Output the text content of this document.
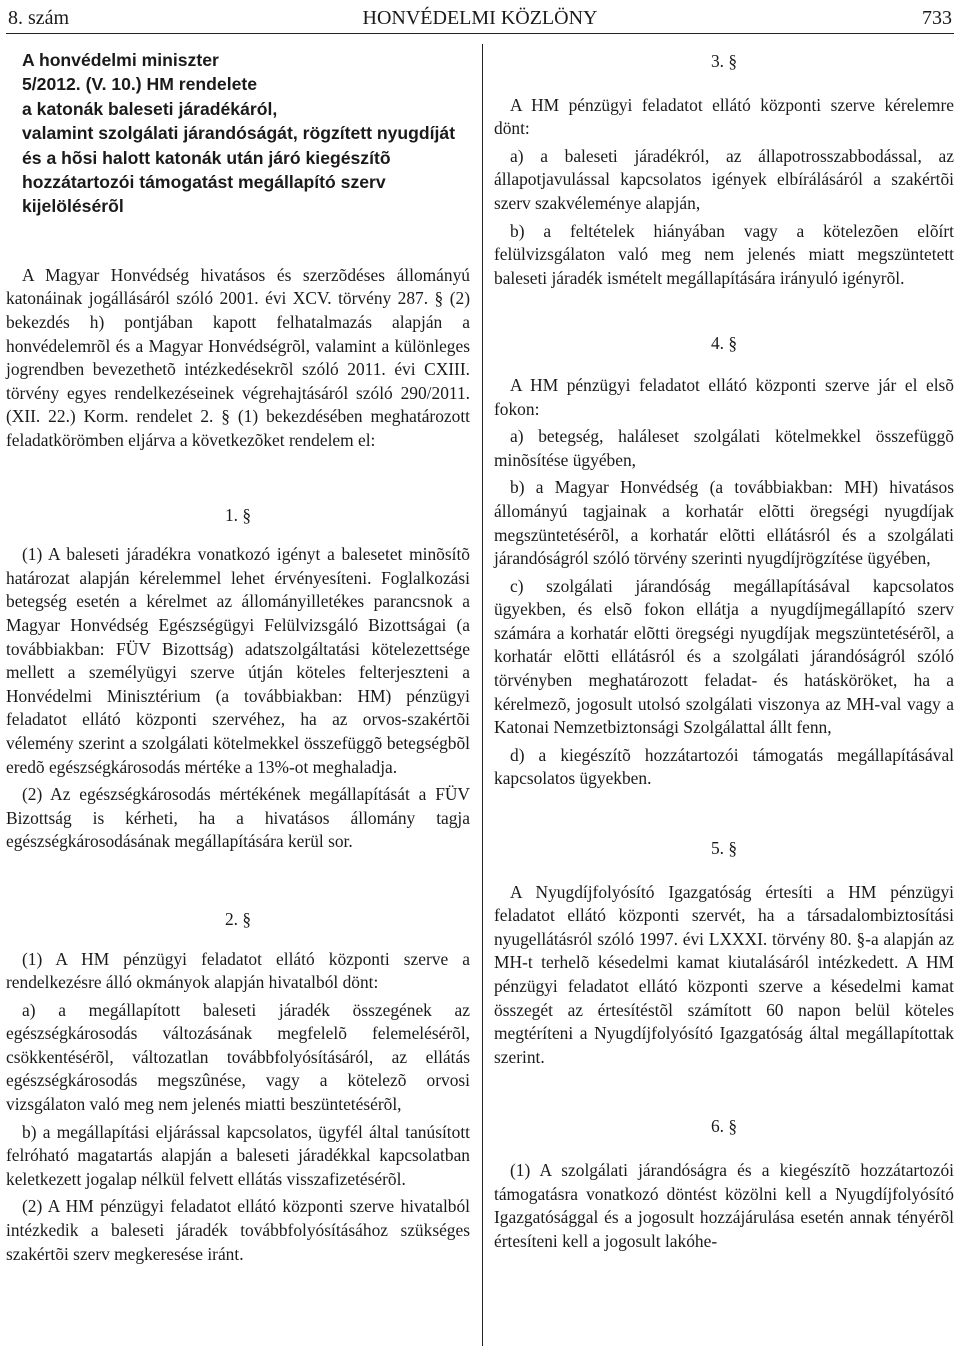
8. szám	HONVÉDELMI KÖZLÖNY	733

A honvédelmi miniszter

5/2012. (V. 10.) HM rendelete

a katonák baleseti járadékáról,

valamint szolgálati járandóságát, rögzített nyugdíját

és a hõsi halott katonák után járó kiegészítõ

hozzátartozói támogatást megállapító szerv

kijelölésérõl

A Magyar Honvédség hivatásos és szerzõdéses állományú katonáinak jogállásáról szóló 2001. évi XCV. törvény 287. § (2) bekezdés h) pontjában kapott felhatalmazás alapján a honvédelemrõl és a Magyar Honvédségrõl, valamint a különleges jogrendben bevezethetõ intézkedésekrõl szóló 2011. évi CXIII. törvény egyes rendelkezéseinek végrehajtásáról szóló 290/2011. (XII. 22.) Korm. rendelet 2. § (1) bekezdésében meghatározott feladatkörömben eljárva a következõket rendelem el:

1. §

(1) A baleseti járadékra vonatkozó igényt a balesetet minõsítõ határozat alapján kérelemmel lehet érvényesíteni. Foglalkozási betegség esetén a kérelmet az állományilletékes parancsnok a Magyar Honvédség Egészségügyi Felülvizsgáló Bizottságai (a továbbiakban: FÜV Bizottság) adatszolgáltatási kötelezettsége mellett a személyügyi szerve útján köteles felterjeszteni a Honvédelmi Minisztérium (a továbbiakban: HM) pénzügyi feladatot ellátó központi szervéhez, ha az orvos-szakértõi vélemény szerint a szolgálati kötelmekkel összefüggõ betegségbõl eredõ egészségkárosodás mértéke a 13%-ot meghaladja.

(2) Az egészségkárosodás mértékének megállapítását a FÜV Bizottság is kérheti, ha a hivatásos állomány tagja egészségkárosodásának megállapítására kerül sor.

2. §

(1) A HM pénzügyi feladatot ellátó központi szerve a rendelkezésre álló okmányok alapján hivatalból dönt:

a) a megállapított baleseti járadék összegének az egészségkárosodás változásának megfelelõ felemelésérõl, csökkentésérõl, változatlan továbbfolyósításáról, az ellátás egészségkárosodás megszûnése, vagy a kötelezõ orvosi vizsgálaton való meg nem jelenés miatti beszüntetésérõl,

b) a megállapítási eljárással kapcsolatos, ügyfél által tanúsított felróható magatartás alapján a baleseti járadékkal kapcsolatban keletkezett jogalap nélkül felvett ellátás visszafizetésérõl.

(2) A HM pénzügyi feladatot ellátó központi szerve hivatalból intézkedik a baleseti járadék továbbfolyósításához szükséges szakértõi szerv megkeresése iránt.

3. §

A HM pénzügyi feladatot ellátó központi szerve kérelemre dönt:

a) a baleseti járadékról, az állapotrosszabbodással, az állapotjavulással kapcsolatos igények elbírálásáról a szakértõi szerv szakvéleménye alapján,

b) a feltételek hiányában vagy a kötelezõen elõírt felülvizsgálaton való meg nem jelenés miatt megszüntetett baleseti járadék ismételt megállapítására irányuló igényrõl.

4. §

A HM pénzügyi feladatot ellátó központi szerve jár el elsõ fokon:

a) betegség, haláleset szolgálati kötelmekkel összefüggõ minõsítése ügyében,

b) a Magyar Honvédség (a továbbiakban: MH) hivatásos állományú tagjainak a korhatár elõtti öregségi nyugdíjak megszüntetésérõl, a korhatár elõtti ellátásról és a szolgálati járandóságról szóló törvény szerinti nyugdíjrögzítése ügyében,

c) szolgálati járandóság megállapításával kapcsolatos ügyekben, és elsõ fokon ellátja a nyugdíjmegállapító szerv számára a korhatár elõtti öregségi nyugdíjak megszüntetésérõl, a korhatár elõtti ellátásról és a szolgálati járandóságról szóló törvényben meghatározott feladat- és hatásköröket, ha a kérelmezõ, jogosult utolsó szolgálati viszonya az MH-val vagy a Katonai Nemzetbiztonsági Szolgálattal állt fenn,

d) a kiegészítõ hozzátartozói támogatás megállapításával kapcsolatos ügyekben.

5. §

A Nyugdíjfolyósító Igazgatóság értesíti a HM pénzügyi feladatot ellátó központi szervét, ha a társadalombiztosítási nyugellátásról szóló 1997. évi LXXXI. törvény 80. §-a alapján az MH-t terhelõ késedelmi kamat kiutalásáról intézkedett. A HM pénzügyi feladatot ellátó központi szerve a késedelmi kamat összegét az értesítéstõl számított 60 napon belül köteles megtéríteni a Nyugdíjfolyósító Igazgatóság által megállapítottak szerint.

6. §

(1) A szolgálati járandóságra és a kiegészítõ hozzátartozói támogatásra vonatkozó döntést közölni kell a Nyugdíjfolyósító Igazgatósággal és a jogosult hozzájárulása esetén annak tényérõl értesíteni kell a jogosult lakóhe-
